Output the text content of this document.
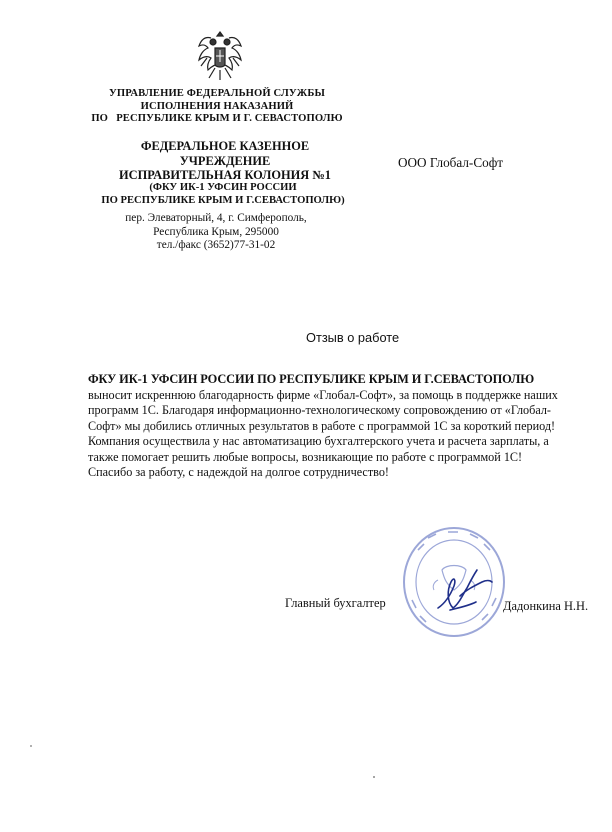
УПРАВЛЕНИЕ ФЕДЕРАЛЬНОЙ СЛУЖБЫ
ИСПОЛНЕНИЯ НАКАЗАНИЙ
ПО   РЕСПУБЛИКЕ КРЫМ И Г. СЕВАСТОПОЛЮ
ФЕДЕРАЛЬНОЕ КАЗЕННОЕ
УЧРЕЖДЕНИЕ
ИСПРАВИТЕЛЬНАЯ КОЛОНИЯ №1
(ФКУ ИК-1 УФСИН РОССИИ
ПО РЕСПУБЛИКЕ КРЫМ И Г.СЕВАСТОПОЛЮ)
пер. Элеваторный, 4, г. Симферополь,
Республика Крым, 295000
тел./факс (3652)77-31-02
ООО Глобал-Софт
Отзыв о работе

ФКУ ИК-1 УФСИН РОССИИ ПО РЕСПУБЛИКЕ КРЫМ И Г.СЕВАСТОПОЛЮ

выносит искреннюю благодарность фирме «Глобал-Софт», за помощь в поддержке наших

программ 1С. Благодаря информационно-технологическому сопровождению от «Глобал-

Софт» мы добились отличных результатов в работе с программой 1С за короткий период!

Компания осуществила у нас автоматизацию бухгалтерского учета и расчета зарплаты, а

также помогает решить любые вопросы, возникающие по работе с программой 1С!

Спасибо за работу, с надеждой на долгое сотрудничество!

Главный бухгалтер	Дадонкина Н.Н.
